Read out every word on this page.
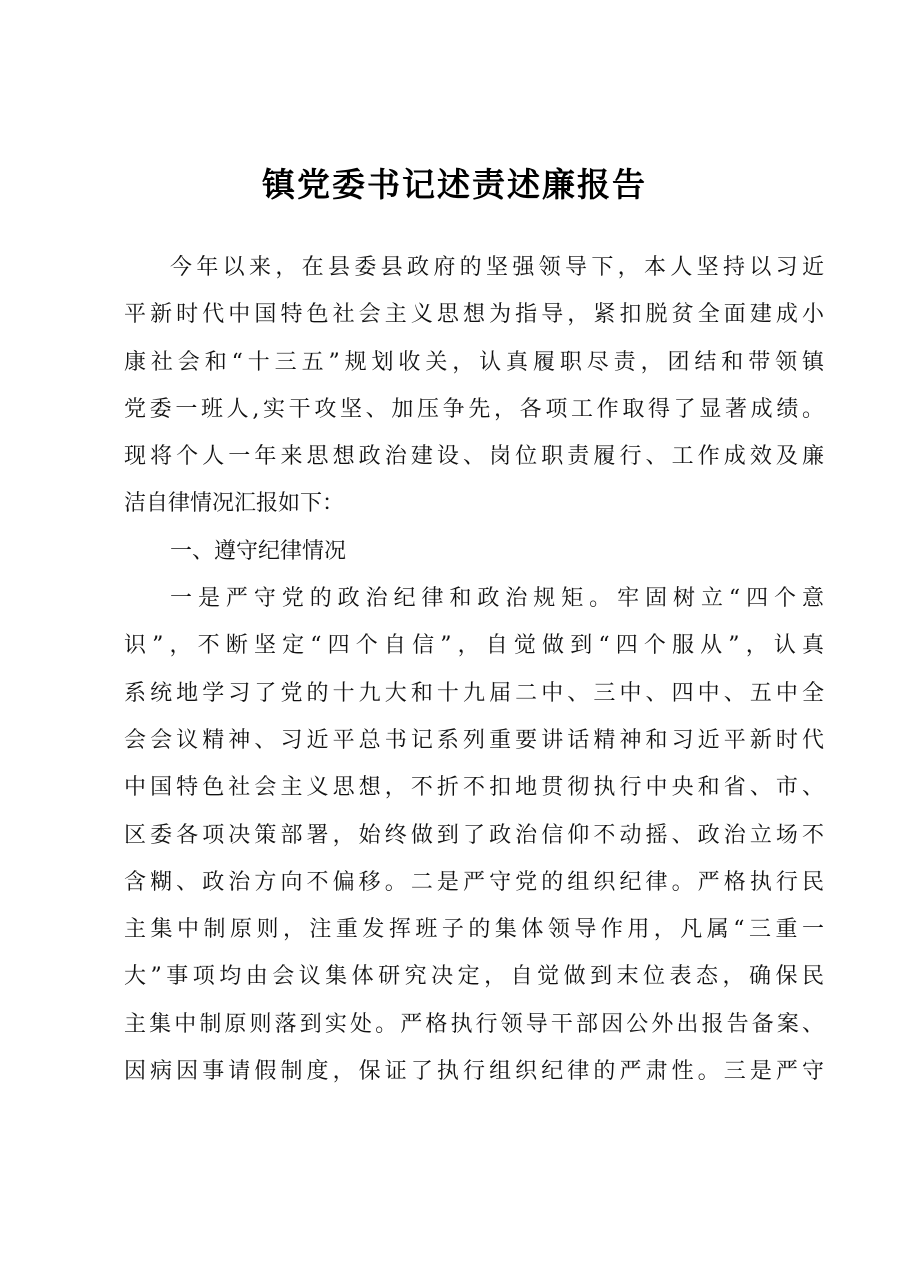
镇党委书记述责述廉报告
今年以来，在县委县政府的坚强领导下，本人坚持以习近
平新时代中国特色社会主义思想为指导，紧扣脱贫全面建成小
康社会和“十三五”规划收关，认真履职尽责，团结和带领镇
党委一班人,实干攻坚、加压争先，各项工作取得了显著成绩。
现将个人一年来思想政治建设、岗位职责履行、工作成效及廉
洁自律情况汇报如下：
一、遵守纪律情况
一是严守党的政治纪律和政治规矩。牢固树立“四个意
识”，不断坚定“四个自信”，自觉做到“四个服从”，认真
系统地学习了党的十九大和十九届二中、三中、四中、五中全
会会议精神、习近平总书记系列重要讲话精神和习近平新时代
中国特色社会主义思想，不折不扣地贯彻执行中央和省、市、
区委各项决策部署，始终做到了政治信仰不动摇、政治立场不
含糊、政治方向不偏移。二是严守党的组织纪律。严格执行民
主集中制原则，注重发挥班子的集体领导作用，凡属“三重一
大”事项均由会议集体研究决定，自觉做到末位表态，确保民
主集中制原则落到实处。严格执行领导干部因公外出报告备案、
因病因事请假制度，保证了执行组织纪律的严肃性。三是严守
